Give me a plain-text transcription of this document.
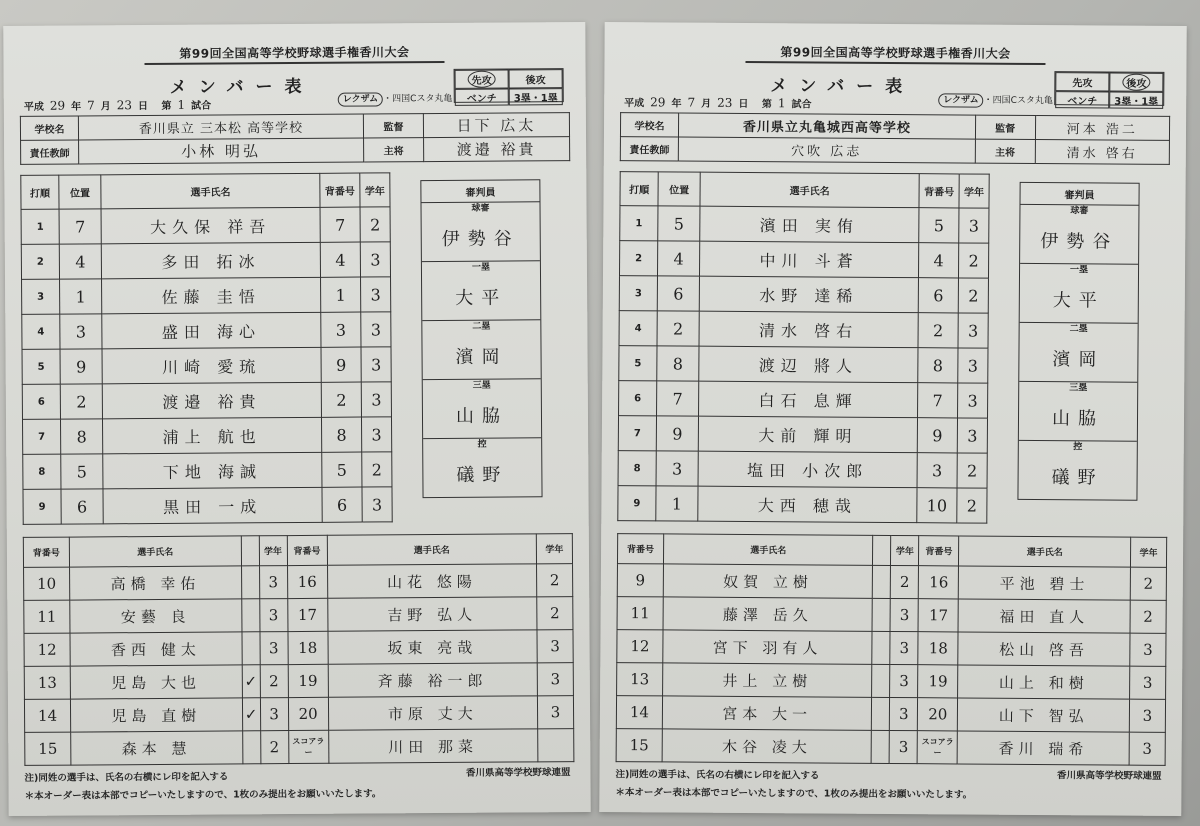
第99回全国高等学校野球選手権香川大会
メンバー表	先攻	後攻
ベンチ	3塁・1塁
平成 29 年 7 月 23 日 第 1 試合
レクザム ・四国Cスタ丸亀
学校名	香川県立 三本松 高等学校	監督	日下 広太
責任教師	小林 明弘	主将	渡邉 裕貴
打順	位置	選手氏名	背番号	学年
1	7	大久保 祥吾	7	2
2	4	多田 拓冰	4	3
3	1	佐藤 圭悟	1	3
4	3	盛田 海心	3	3
5	9	川崎 愛琉	9	3
6	2	渡邉 裕貴	2	3
7	8	浦上 航也	8	3
8	5	下地 海誠	5	2
9	6	黒田 一成	6	3
審判員
球審
伊勢谷
一塁
大平
二塁
濱岡
三塁
山脇
控
礒野
背番号	選手氏名		学年	背番号	選手氏名	学年
10	高橋 幸佑		3	16	山花 悠陽	2
11	安藝 良		3	17	吉野 弘人	2
12	香西 健太		3	18	坂東 亮哉	3
13	児島 大也	✓	2	19	斉藤 裕一郎	3
14	児島 直樹	✓	3	20	市原 丈大	3
15	森本 慧		2	スコアラー	川田 那菜	
香川県高等学校野球連盟
注)同姓の選手は、氏名の右横にレ印を記入する
＊本オーダー表は本部でコピーいたしますので、1枚のみ提出をお願いいたします。
第99回全国高等学校野球選手権香川大会
メンバー表	先攻	後攻
ベンチ	3塁・1塁
平成 29 年 7 月 23 日 第 1 試合	レクザム ・四国Cスタ丸亀
学校名	香川県立丸亀城西高等学校	監督	河本 浩二
責任教師	穴吹 広志	主将	清水 啓右
打順	位置	選手氏名	背番号	学年
1	5	濱田 実侑	5	3
2	4	中川 斗蒼	4	2
3	6	水野 達稀	6	2
4	2	清水 啓右	2	3
5	8	渡辺 將人	8	3
6	7	白石 息輝	7	3
7	9	大前 輝明	9	3
8	3	塩田 小次郎	3	2
9	1	大西 穂哉	10	2
審判員
球審
伊勢谷
一塁
大平
二塁
濱岡
三塁
山脇
控
礒野
背番号	選手氏名		学年	背番号	選手氏名	学年
9	奴賀 立樹		2	16	平池 碧士	2
11	藤澤 岳久		3	17	福田 直人	2
12	宮下 羽有人		3	18	松山 啓吾	3
13	井上 立樹		3	19	山上 和樹	3
14	宮本 大一		3	20	山下 智弘	3
15	木谷 凌大		3	スコアラー	香川 瑞希	3
香川県高等学校野球連盟
注)同姓の選手は、氏名の右横にレ印を記入する
＊本オーダー表は本部でコピーいたしますので、1枚のみ提出をお願いいたします。
